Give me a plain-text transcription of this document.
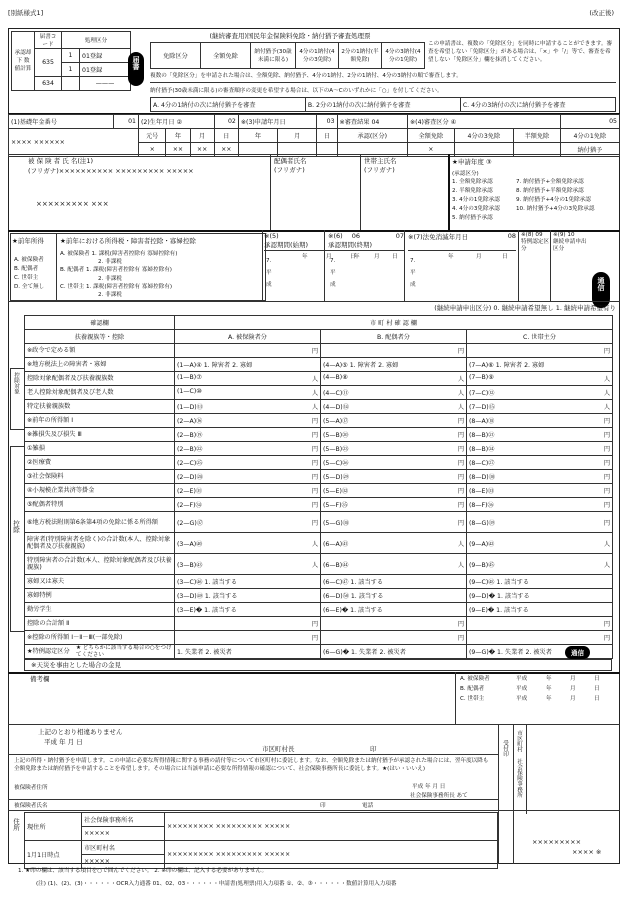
[別紙様式1]	(改正後)
承認却下 数値計算	届書コード	処理区分	
	635	1	01登録
		1	01登録
	634		———
届書
(継続審査用)国民年金保険料免除・納付猶予審査処理票
免除区分	全額免除	納付猶予(30歳未満に限る)	4分の1納付(4分の3免除)	2分の1納付(半額免除)	4分の3納付(4分の1免除)
この申請書は、複数の「免除区分」を同時に申請することができます。審査を希望しない「免除区分」がある場合は、「×」や「/」等で、審査を希望しない「免除区分」欄を抹消してください。
複数の「免除区分」を申請された場合は、全額免除、納付猶予、4分の1納付、2分の1納付、4分の3納付の順で審査します。
納付猶予(30歳未満に限る)の審査順序の変更を希望する場合は、以下のA〜Cのいずれかに「○」を付してください。
A. 4分の1納付の次に納付猶予を審査	B. 2分の1納付の次に納付猶予を審査	C. 4分の3納付の次に納付猶予を審査
(1)基礎年金番号	01	(2)生年月日 ②			02	※(3)申請年月日		03	※審査結果 04	※(4)審査区分 ④			05
×××× ××××××		元号	年	月	日	年	月	日	承認(区分)	全額免除	4分の3免除	半額免除	4分の1免除
		×	××	××	××					×			納付猶予
被 保 険 者 氏 名(注1)
(フリガナ)×××××××××× ××××××××× ×××××
××××××××× ×××
配偶者氏名
(フリガナ)
世帯主氏名
(フリガナ)
★申請年度 ③
(承認区分)
1. 全額免除承認
2. 半額免除承認
3. 4分の1免除承認
4. 4分の3免除承認
5. 納付猶予承認
7. 納付猶予+全額免除承認
8. 納付猶予+半額免除承認
9. 納付猶予+4分の1免除承認
10. 納付猶予+4分の3免除承認
★前年所得 ★前年における所得税・障害者控除・寡婦控除
A. 被保険者
B. 配偶者
C. 世帯主
D. 全て無し
A. 被保険者 1. 課税(障害者控除有 寡婦控除有)
2. 非課税
B. 配偶者 1. 課税(障害者控除有 寡婦控除有)
2. 非課税
C. 世帯主 1. 課税(障害者控除有 寡婦控除有)
2. 非課税
※(5)	06
承認期間(始期)
7.
平
成
年	月	日
※(6)	07
承認期間(終期)
7.
平
成
年	月 日
※(7)法免消滅年月日	08
7.
平
成
年	月	日
※(8) 09
特例認定区分
※(9) 10
継続申請申出区分
通信
(継続申請申出区分) 0. 継続申請希望無し 1. 継続申請希望有り
確認欄	市 町 村 確 認 欄		
扶養親族等・控除	A. 被保険者分	B. 配偶者分	C. 世帯主分
※政令で定める額	円	円	円
※地方税法上の障害者・寡婦	(1—A)④ 1. 障害者 2. 寡婦	(4—A)⑤ 1. 障害者 2. 寡婦	(7—A)⑥ 1. 障害者 2. 寡婦
控除対象配偶者及び扶養親族数	(1—B)⑦ 人	(4—B)⑧ 人	(7—B)⑨ 人

老人控除対象配偶者及び老人数	(1—C)⑩ 人	(4—C)⑪ 人	(7—C)⑫ 人

特定扶養親族数	(1—D)⑬ 人	(4—D)⑭ 人	(7—D)⑮ 人

※前年の所得額 Ⅰ	(2—A)⑯ 円	(5—A)⑰ 円	(8—A)⑱ 円

※雑損失及び損失 Ⅲ	(2—B)⑲ 円	(5—B)⑳ 円	(8—B)㉑ 円

①雑損	(2—B)㉒ 円	(5—B)㉓ 円	(8—B)㉔ 円

②医療費	(2—C)㉕ 円	(5—C)㉖ 円	(8—C)㉗ 円

③社会保険料	(2—D)㉘ 円	(5—D)㉙ 円	(8—D)㉚ 円

④小規模企業共済等掛金	(2—E)㉛ 円	(5—E)㉜ 円	(8—E)㉝ 円

⑤配偶者特別	(2—F)㉞ 円	(5—F)㉟ 円	(8—F)㊱ 円

⑥地方税法附則第6条第4項の免除に係る所得額	(2—G)㊲ 円	(5—G)㊳ 円	(8—G)㊴ 円

障害者(特別障害者を除く)の合計数(本人、控除対象配偶者及び扶養親族)	(3—A)㊵ 人	(6—A)㊶ 人	(9—A)㊷ 人

特別障害者の合計数(本人、控除対象配偶者及び扶養親族)	(3—B)㊸ 人	(6—B)㊹ 人	(9—B)㊺ 人

寡婦又は寡夫	(3—C)㊻ 1. 該当する	(6—C)㊼ 1. 該当する	(9—C)㊽ 1. 該当する
寡婦特例	(3—D)㊾ 1. 該当する	(6—D)㊿ 1. 該当する	(9—D)� 1. 該当する
勤労学生	(3—E)� 1. 該当する	(6—E)� 1. 該当する	(9—E)� 1. 該当する
控除の合計額 Ⅱ	円	円	円
※控除の所得額 Ⅰ－Ⅱ－Ⅲ(一部免除)	円	円	円
★特例認定区分	1. 失業者 2. 被災者	(6—G)� 1. 失業者 2. 被災者	(9—G)� 1. 失業者 2. 被災者
控除対象
控除
★ どちらかに該当する場合の○をつけてください	通信
※天災を事由とした場合の金見
備考欄	A. 被保険者	平成	年	月	日
B. 配偶者	平成	年	月	日
C. 世帯主	平成	年	月	日
上記のとおり相違ありません
平成 年 月 日
市区町村長	印
上記の所得・納付猶予を申請します。この申請に必要な所得情報に関する事務の請付等について市区町村に委託します。なお、全額免除または納付猶予が承認された場合には、翌年度以降も全額免除または納付猶予を申請することを希望します。その場合には当該申請に必要な所得情報の確認について、社会保険事務所長に委託します。★(はい・いいえ)
被保険者住所	平成 年 月 日
社会保険事務所長 あて
被保険者氏名	印	電話
受付印 市区町村 社会保険事務所
住所 現住所	社会保険事務所名	××××××××× ××××××××× ×××××
	×××××	
1月1日時点	市区町村名	××××××××× ××××××××× ×××××
	×××××	
×××××××××
×××× ※
1. ★印の欄は、該当する項目を○で囲んでください。 2. ※印の欄は、記入する必要がありません。
(注) (1)、(2)、(3)・・・・・・OCR入力通番 01、02、03・・・・・・申請書(処理票)用入力項番 ①、②、③・・・・・・数値計算用入力項番
